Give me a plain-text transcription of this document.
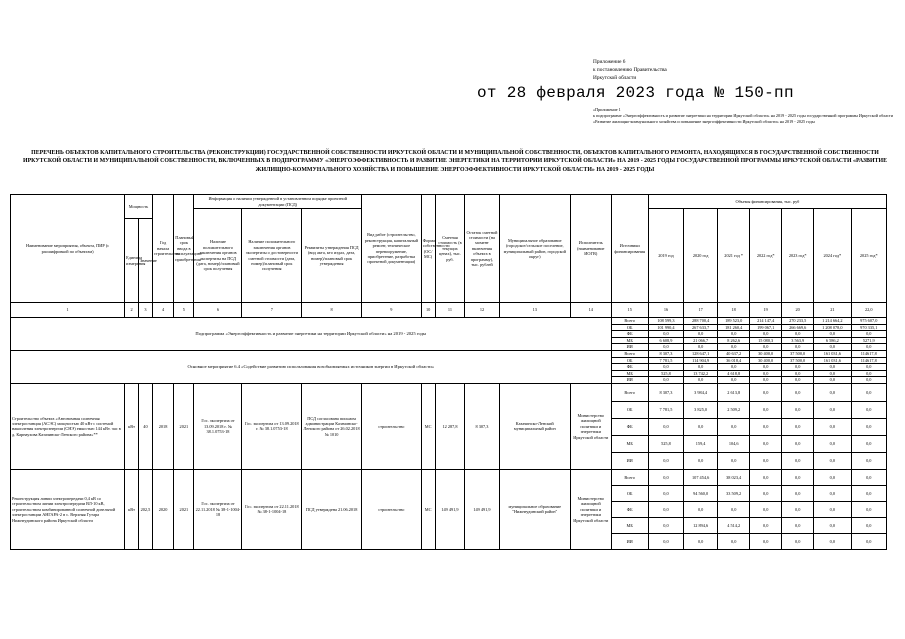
Приложение 6
к постановлению Правительства
Иркутской области
от 28 февраля 2023 года № 150-пп
«Приложение 1
к подпрограмме «Энергоэффективность и развитие энергетики на территории Иркутской области» на 2019 - 2025 годы государственной программы Иркутской области «Развитие жилищно-коммунального хозяйства и повышение энергоэффективности Иркутской области» на 2019 - 2025 годы
ПЕРЕЧЕНЬ ОБЪЕКТОВ КАПИТАЛЬНОГО СТРОИТЕЛЬСТВА (РЕКОНСТРУКЦИИ) ГОСУДАРСТВЕННОЙ СОБСТВЕННОСТИ ИРКУТСКОЙ ОБЛАСТИ И МУНИЦИПАЛЬНОЙ СОБСТВЕННОСТИ, ОБЪЕКТОВ КАПИТАЛЬНОГО РЕМОНТА, НАХОДЯЩИХСЯ В ГОСУДАРСТВЕННОЙ СОБСТВЕННОСТИ ИРКУТСКОЙ ОБЛАСТИ И МУНИЦИПАЛЬНОЙ СОБСТВЕННОСТИ, ВКЛЮЧЕННЫХ В ПОДПРОГРАММУ «ЭНЕРГОЭФФЕКТИВНОСТЬ И РАЗВИТИЕ ЭНЕРГЕТИКИ НА ТЕРРИТОРИИ ИРКУТСКОЙ ОБЛАСТИ» НА 2019 - 2025 ГОДЫ ГОСУДАРСТВЕННОЙ ПРОГРАММЫ ИРКУТСКОЙ ОБЛАСТИ «РАЗВИТИЕ ЖИЛИЩНО-КОММУНАЛЬНОГО ХОЗЯЙСТВА И ПОВЫШЕНИЕ ЭНЕРГОЭФФЕКТИВНОСТИ ИРКУТСКОЙ ОБЛАСТИ» НА 2019 - 2025 ГОДЫ
Наименование мероприятия, объекта, ПИР (с расшифровкой по объектам)	Мощность		Год начала строительства	Плановый срок ввода в эксплуатацию/приобретения	Информация о наличии утвержденной в установленном порядке проектной документации (ПСД)			Вид работ (строительство, реконструкция, капитальный ремонт, техническое перевооружение, приобретение, разработка проектной документации)	Форма собственности (ОС/МС)	Сметная стоимость (в текущих ценах), тыс. руб.	Остаток сметной стоимости (на момент включения объекта в программу), тыс. рублей	Муниципальное образование (городское/сельское поселение, муниципальный район, городской округ)	Исполнитель (наименование ИОГВ)	Источники финансирования	Объемы финансирования, тыс. руб						
					Наличие положительного заключения органов экспертизы на ПСД (дата, номер)/плановый срок получения	Наличие положительного заключения органов экспертизы о достоверности сметной стоимости (дата, номер)/плановый срок получения	Реквизиты утверждения ПСД (вид акта, кто издал, дата, номер)/плановый срок утверждения								2019 год	2020 год	2021 год *	2022 год*	2023 год*	2024 год*	2025 год*
	Единица измерения	Значение																			
1	2	3	4	5	6	7	8	9	10	11	12	13	14	15	16	17	18	19	20	21	22,0
Подпрограмма «Энергоэффективность и развитие энергетики на территории Иркутской области» на 2019 - 2025 годы														Всего	108 599,3	288 700,4	189 523,0	214 147,4	270 233,5	1 214 664,2	975 607,0
														ОБ	101 990,4	267 633,7	181 260,4	199 067,1	266 669,6	1 208 078,0	970 335,1
														ФБ	0,0	0,0	0,0	0,0	0,0	0,0	0,0
														МБ	6 608,9	21 066,7	8 262,6	15 080,3	3 563,9	6 586,2	5271,9
														ИИ	0,0	0,0	0,0	0,0	0,0	0,0	0,0
Основное мероприятие 6.4 «Содействие развитию использования возобновляемых источников энергии в Иркутской области»														Всего	8 307,3	128 647,1	40 637,2	30 400,0	37 500,0	161 031,6	114617,8
														ОБ	7 781,5	114 904,9	36 018,4	30 400,0	37 500,0	161 031,6	114617,8
														ФБ	0,0	0,0	0,0	0,0	0,0	0,0	0,0
														МБ	525,8	13 742,2	4 618,8	0,0	0,0	0,0	0,0
														ИИ	0,0	0,0	0,0	0,0	0,0	0,0	0,0
Строительство объекта «Автономная солнечная электростанция (АСЭС) мощностью 40 кВт с системой накопления электроэнергии (СНЭ) емкостью 144 кВт. час в д. Карнаухова Казачинско-Ленского района»**	кВт	40	2018	2021	Гос. экспертиза от 13.09.2018 г. № 38.1.0753-18	Гос. экспертиза от 13.09.2018 г. № 38.1.0753-18	ПСД согласована письмом администрации Казачинско-Ленского района от 26.02.2018 № 1010	строительство	МС	12 287,8	8 307,3	Казачинско-Ленский муниципальный район	Министерство жилищной политики и энергетики Иркутской области	Всего	8 307,3	3 984,4	2 613,8	0,0	0,0	0,0	0,0
														ОБ	7 781,5	3 825,0	2 509,2	0,0	0,0	0,0	0,0
														ФБ	0,0	0,0	0,0	0,0	0,0	0,0	0,0
														МБ	525,8	159,4	104,6	0,0	0,0	0,0	0,0
														ИИ	0,0	0,0	0,0	0,0	0,0	0,0	0,0
Реконструкция линии электропередачи 0,4 кВ со строительством линии электропередачи ВЛ-10 кВ, строительством комбинированной солнечной дизельной электростанции АНГАРА-2 в с. Верхняя Гутара Нижнеудинского района Иркутской области	кВт	202,5	2020	2021	Гос. экспертиза от 22.11.2018 № 38-1-1004-18	Гос. экспертиза от 22.11.2018 № 38-1-1004-18	ПСД утверждена 21.06.2018	строительство	МС	149 491,9	149 491,9	муниципальное образование "Нижнеудинский район"	Министерство жилищной политики и энергетики Иркутской области	Всего	0,0	107 454,6	38 023,4	0,0	0,0	0,0	0,0
														ОБ	0,0	94 560,0	33 509,2	0,0	0,0	0,0	0,0
														ФБ	0,0	0,0	0,0	0,0	0,0	0,0	0,0
														МБ	0,0	12 894,6	4 514,2	0,0	0,0	0,0	0,0
														ИИ	0,0	0,0	0,0	0,0	0,0	0,0	0,0
